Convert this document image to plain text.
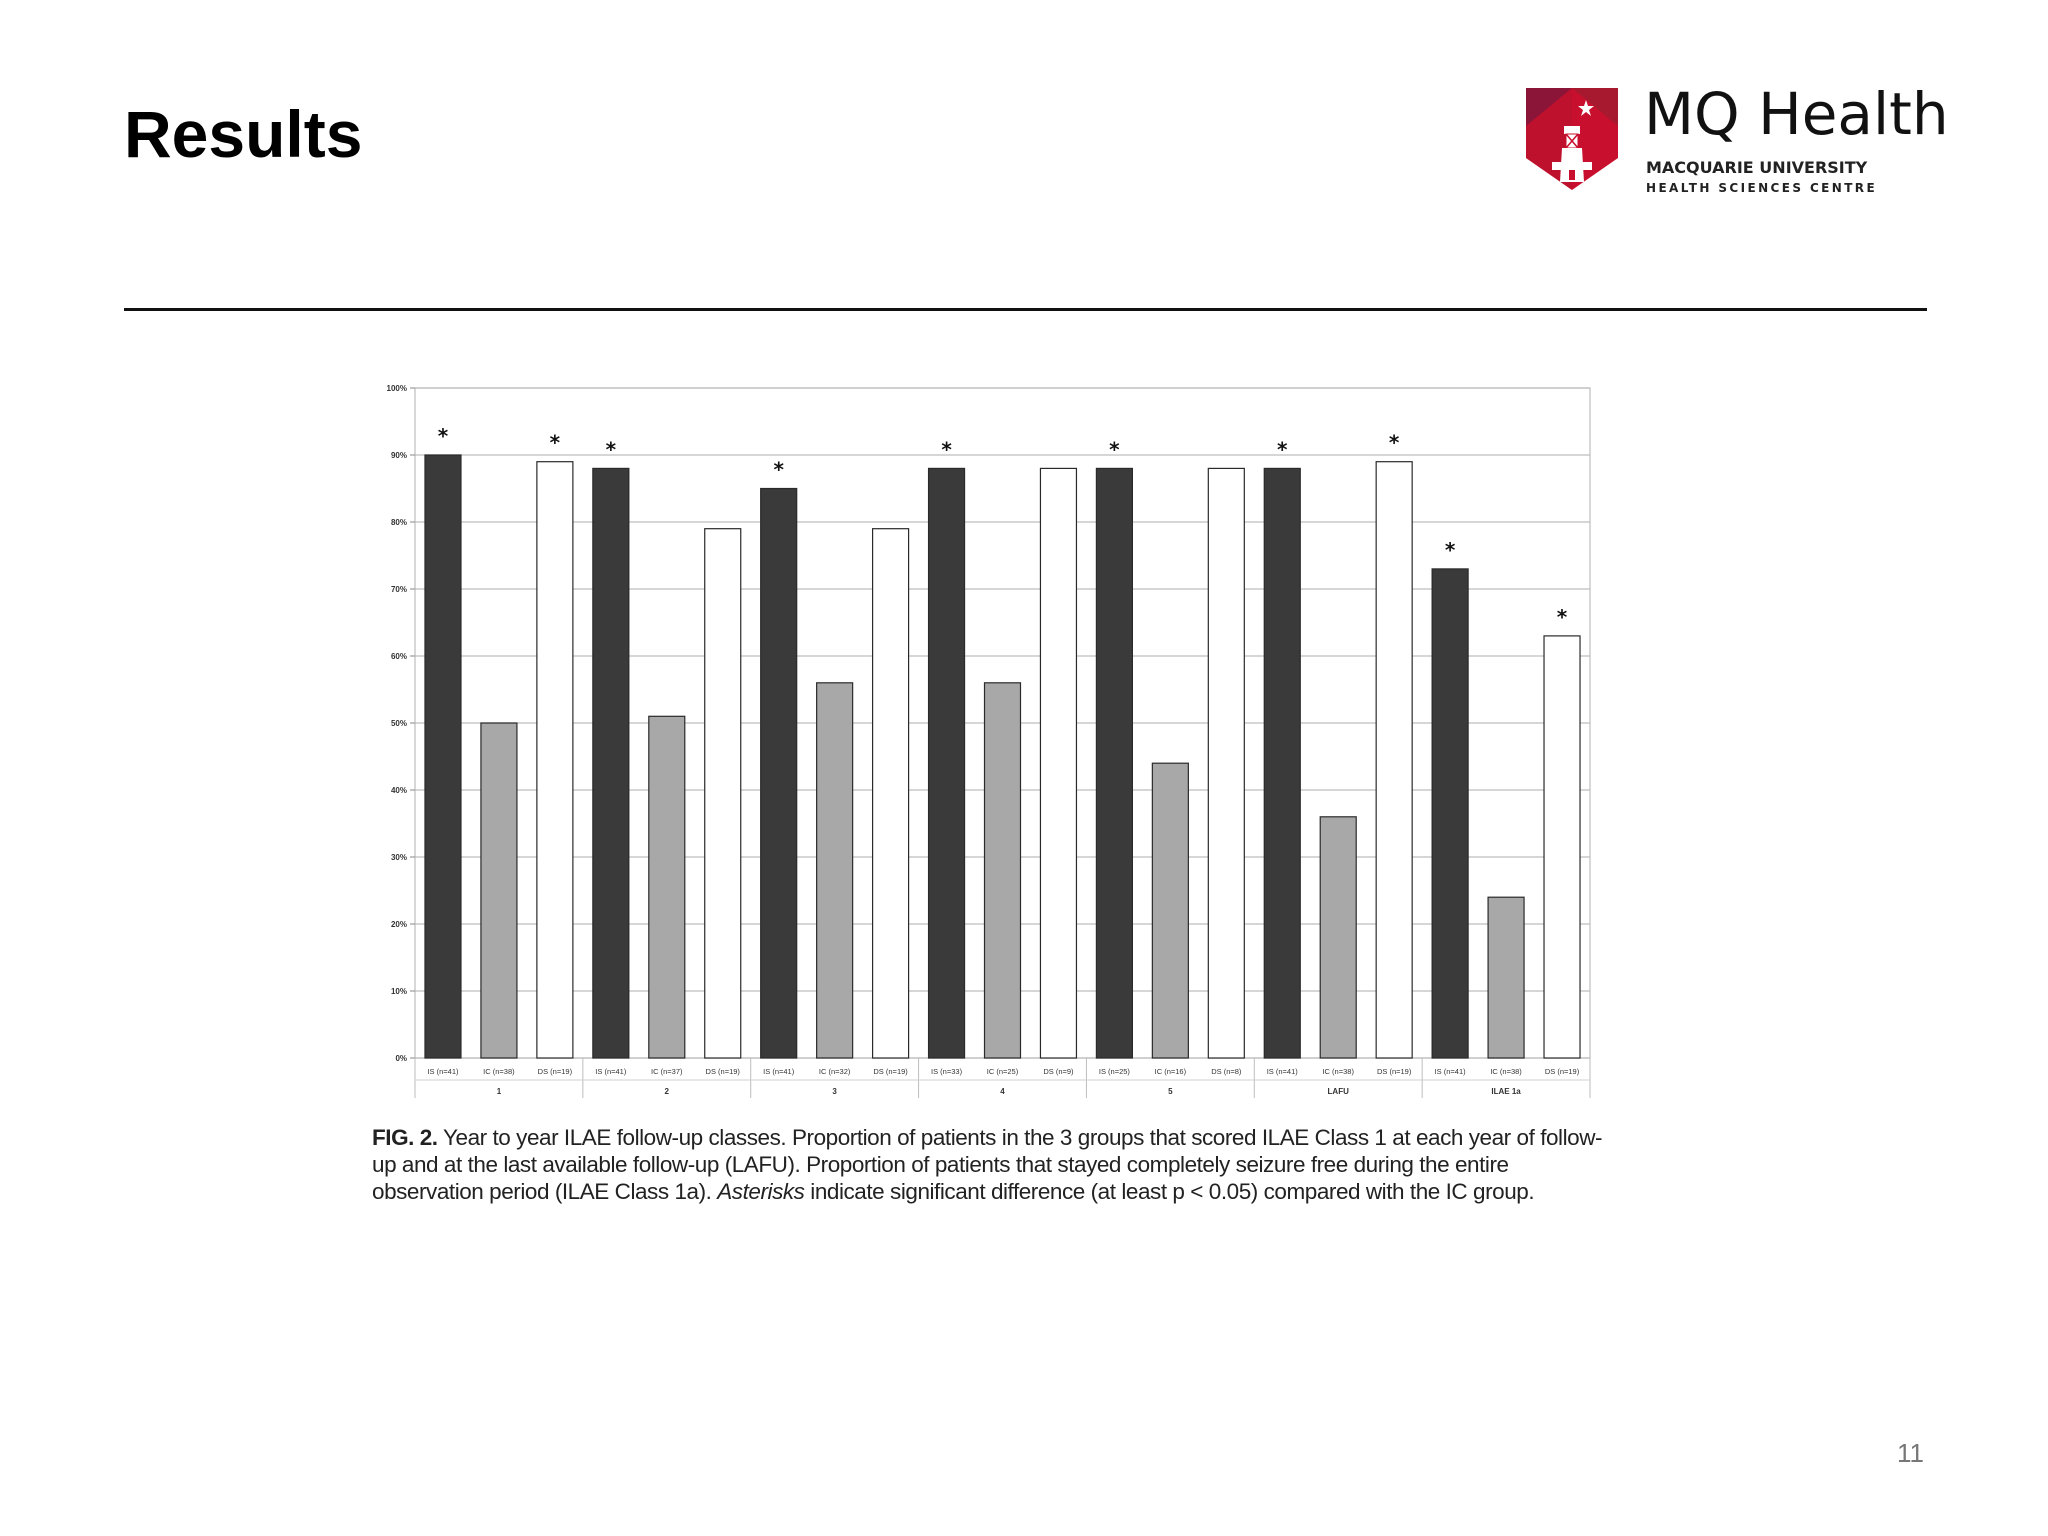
Results	MQ Health
MACQUARIE UNIVERSITY
HEALTH SCIENCES CENTRE
0%
10%
20%
30%
40%
50%
60%
70%
80%
90%
100%
*
IS (n=41)	IC (n=38)
*
DS (n=19)
1
*
IS (n=41)	IC (n=37)	DS (n=19)
2
*
IS (n=41)	IC (n=32)	DS (n=19)
3
*
IS (n=33)	IC (n=25)	DS (n=9)
4
*
IS (n=25)	IC (n=16)	DS (n=8)
5
*
IS (n=41)	IC (n=38)
*
DS (n=19)
LAFU
*
IS (n=41)	IC (n=38)
*
DS (n=19)
ILAE 1a
FIG. 2. Year to year ILAE follow-up classes. Proportion of patients in the 3 groups that scored ILAE Class 1 at each year of follow-up and at the last available follow-up (LAFU). Proportion of patients that stayed completely seizure free during the entire observation period (ILAE Class 1a). Asterisks indicate significant difference (at least p < 0.05) compared with the IC group.
11
